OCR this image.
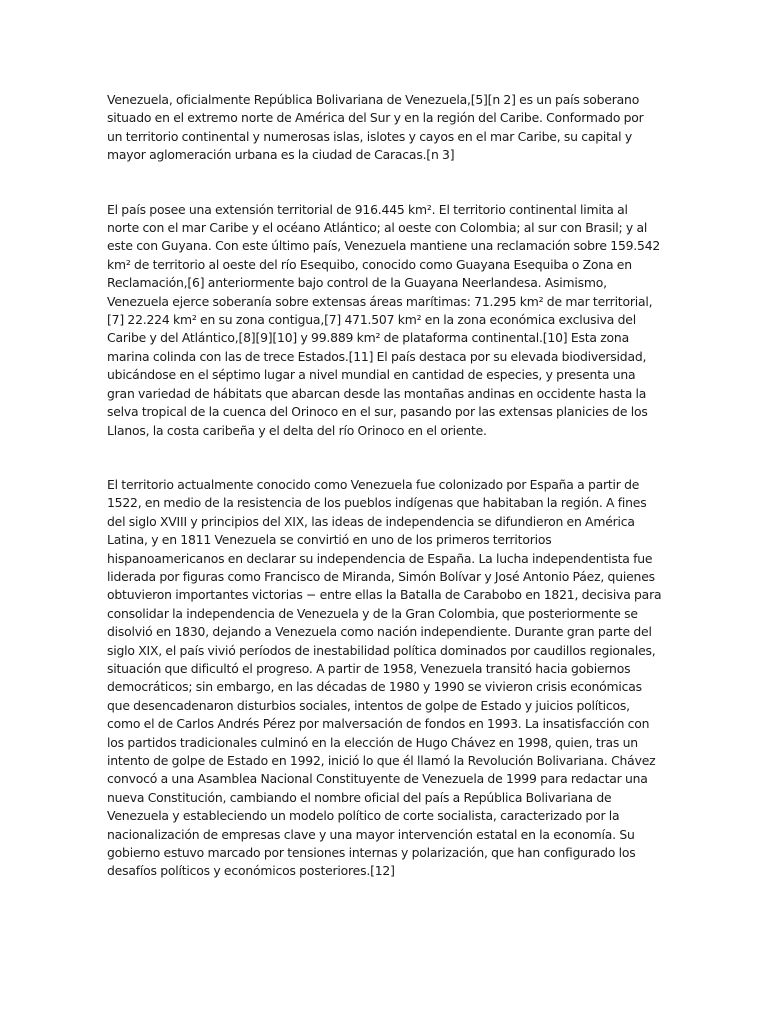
Venezuela, oficialmente República Bolivariana de Venezuela,[5][n 2] es un país soberano situado en el extremo norte de América del Sur y en la región del Caribe. Conformado por un territorio continental y numerosas islas, islotes y cayos en el mar Caribe, su capital y mayor aglomeración urbana es la ciudad de Caracas.[n 3]

El país posee una extensión territorial de 916.445 km². El territorio continental limita al norte con el mar Caribe y el océano Atlántico; al oeste con Colombia; al sur con Brasil; y al este con Guyana. Con este último país, Venezuela mantiene una reclamación sobre 159.542 km² de territorio al oeste del río Esequibo, conocido como Guayana Esequiba o Zona en Reclamación,[6] anteriormente bajo control de la Guayana Neerlandesa. Asimismo, Venezuela ejerce soberanía sobre extensas áreas marítimas: 71.295 km² de mar territorial,[7] 22.224 km² en su zona contigua,[7] 471.507 km² en la zona económica exclusiva del Caribe y del Atlántico,[8][9][10] y 99.889 km² de plataforma continental.[10] Esta zona marina colinda con las de trece Estados.[11] El país destaca por su elevada biodiversidad, ubicándose en el séptimo lugar a nivel mundial en cantidad de especies, y presenta una gran variedad de hábitats que abarcan desde las montañas andinas en occidente hasta la selva tropical de la cuenca del Orinoco en el sur, pasando por las extensas planicies de los Llanos, la costa caribeña y el delta del río Orinoco en el oriente.

El territorio actualmente conocido como Venezuela fue colonizado por España a partir de 1522, en medio de la resistencia de los pueblos indígenas que habitaban la región. A fines del siglo XVIII y principios del XIX, las ideas de independencia se difundieron en América Latina, y en 1811 Venezuela se convirtió en uno de los primeros territorios hispanoamericanos en declarar su independencia de España. La lucha independentista fue liderada por figuras como Francisco de Miranda, Simón Bolívar y José Antonio Páez, quienes obtuvieron importantes victorias − entre ellas la Batalla de Carabobo en 1821, decisiva para consolidar la independencia de Venezuela y de la Gran Colombia, que posteriormente se disolvió en 1830, dejando a Venezuela como nación independiente. Durante gran parte del siglo XIX, el país vivió períodos de inestabilidad política dominados por caudillos regionales, situación que dificultó el progreso. A partir de 1958, Venezuela transitó hacia gobiernos democráticos; sin embargo, en las décadas de 1980 y 1990 se vivieron crisis económicas que desencadenaron disturbios sociales, intentos de golpe de Estado y juicios políticos, como el de Carlos Andrés Pérez por malversación de fondos en 1993. La insatisfacción con los partidos tradicionales culminó en la elección de Hugo Chávez en 1998, quien, tras un intento de golpe de Estado en 1992, inició lo que él llamó la Revolución Bolivariana. Chávez convocó a una Asamblea Nacional Constituyente de Venezuela de 1999 para redactar una nueva Constitución, cambiando el nombre oficial del país a República Bolivariana de Venezuela y estableciendo un modelo político de corte socialista, caracterizado por la nacionalización de empresas clave y una mayor intervención estatal en la economía. Su gobierno estuvo marcado por tensiones internas y polarización, que han configurado los desafíos políticos y económicos posteriores.[12]
